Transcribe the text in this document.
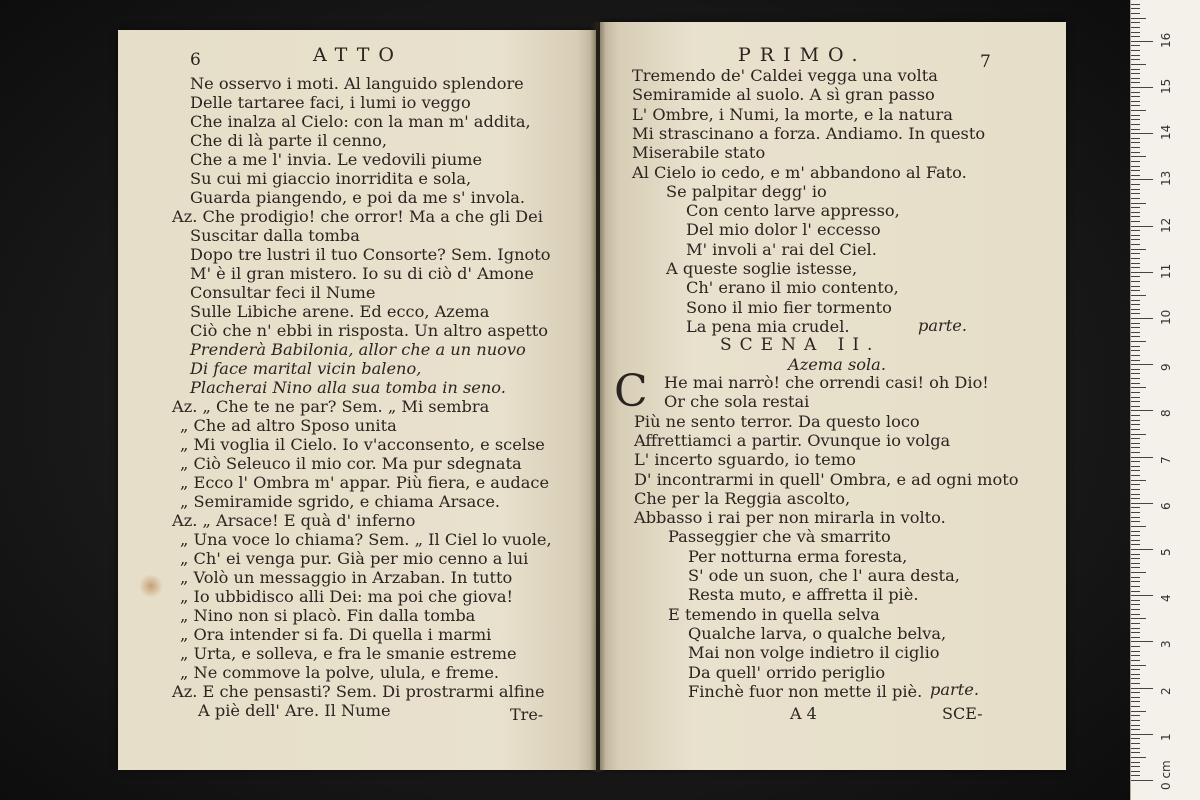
6	ATTO
Ne osservo i moti. Al languido splendore
Delle tartaree faci, i lumi io veggo
Che inalza al Cielo: con la man m' addita,
Che di là parte il cenno,
Che a me l' invia. Le vedovili piume
Su cui mi giaccio inorridita e sola,
Guarda piangendo, e poi da me s' invola.
Az. Che prodigio! che orror! Ma a che gli Dei
Suscitar dalla tomba
Dopo tre lustri il tuo Consorte? Sem. Ignoto
M' è il gran mistero. Io su di ciò d' Amone
Consultar feci il Nume
Sulle Libiche arene. Ed ecco, Azema
Ciò che n' ebbi in risposta. Un altro aspetto
Prenderà Babilonia, allor che a un nuovo
Di face marital vicin baleno,
Placherai Nino alla sua tomba in seno.
Az. „ Che te ne par? Sem. „ Mi sembra
„ Che ad altro Sposo unita
„ Mi voglia il Cielo. Io v'acconsento, e scelse
„ Ciò Seleuco il mio cor. Ma pur sdegnata
„ Ecco l' Ombra m' appar. Più fiera, e audace
„ Semiramide sgrido, e chiama Arsace.
Az. „ Arsace! E quà d' inferno
„ Una voce lo chiama? Sem. „ Il Ciel lo vuole,
„ Ch' ei venga pur. Già per mio cenno a lui
„ Volò un messaggio in Arzaban. In tutto
„ Io ubbidisco alli Dei: ma poi che giova!
„ Nino non si placò. Fin dalla tomba
„ Ora intender si fa. Di quella i marmi
„ Urta, e solleva, e fra le smanie estreme
„ Ne commove la polve, ulula, e freme.
Az. E che pensasti? Sem. Di prostrarmi alfine
A piè dell' Are. Il Nume	Tre-
PRIMO.	7
Tremendo de' Caldei vegga una volta
Semiramide al suolo. A sì gran passo
L' Ombre, i Numi, la morte, e la natura
Mi strascinano a forza. Andiamo. In questo
Miserabile stato
Al Cielo io cedo, e m' abbandono al Fato.
Se palpitar degg' io
Con cento larve appresso,
Del mio dolor l' eccesso
M' involi a' rai del Ciel.
A queste soglie istesse,
Ch' erano il mio contento,
Sono il mio fier tormento
La pena mia crudel.	parte.
SCENA II.
Azema sola.
C He mai narrò! che orrendi casi! oh Dio!
Or che sola restai
Più ne sento terror. Da questo loco
Affrettiamci a partir. Ovunque io volga
L' incerto sguardo, io temo
D' incontrarmi in quell' Ombra, e ad ogni moto
Che per la Reggia ascolto,
Abbasso i rai per non mirarla in volto.
Passeggier che và smarrito
Per notturna erma foresta,
S' ode un suon, che l' aura desta,
Resta muto, e affretta il piè.
E temendo in quella selva
Qualche larva, o qualche belva,
Mai non volge indietro il ciglio
Da quell' orrido periglio
Finchè fuor non mette il piè. parte.
A 4	SCE-
0 cm
1
2
3
4
5
6
7
8
9
10
11
12
13
14
15
16
